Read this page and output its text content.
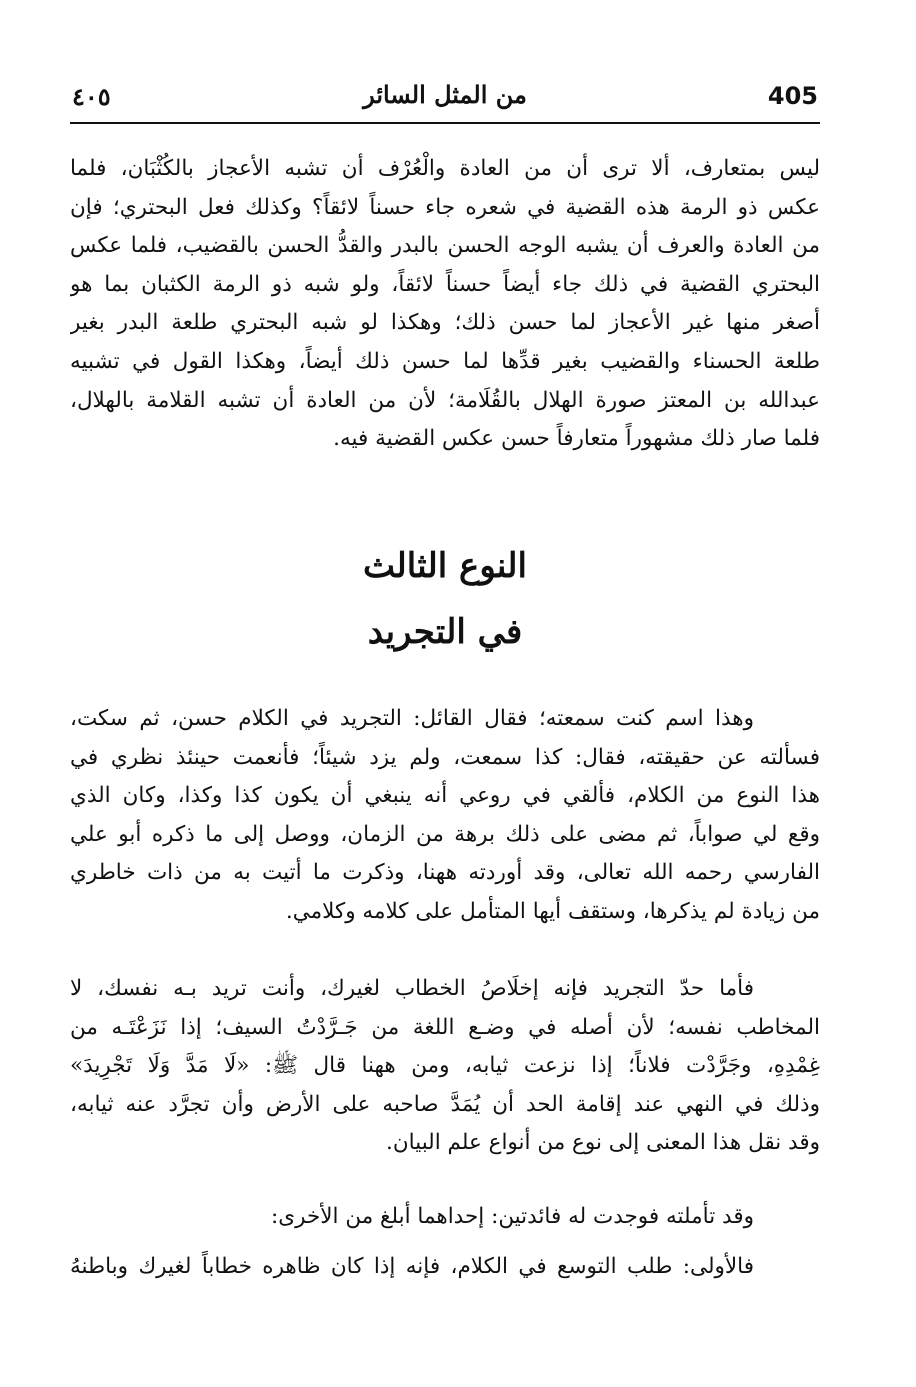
٤٠٥	من المثل السائر	405
ليس بمتعارف، ألا ترى أن من العادة والْعُرْف أن تشبه الأعجاز بالكُثْبَان، فلما
عكس ذو الرمة هذه القضية في شعره جاء حسناً لائقاً؟ وكذلك فعل البحتري؛ فإن
من العادة والعرف أن يشبه الوجه الحسن بالبدر والقدُّ الحسن بالقضيب، فلما عكس
البحتري القضية في ذلك جاء أيضاً حسناً لائقاً، ولو شبه ذو الرمة الكثبان بما هو
أصغر منها غير الأعجاز لما حسن ذلك؛ وهكذا لو شبه البحتري طلعة البدر بغير
طلعة الحسناء والقضيب بغير قدِّها لما حسن ذلك أيضاً، وهكذا القول في تشبيه
عبدالله بن المعتز صورة الهلال بالقُلَامة؛ لأن من العادة أن تشبه القلامة بالهلال،
فلما صار ذلك مشهوراً متعارفاً حسن عكس القضية فيه.
النوع الثالث
في التجريد
وهذا اسم كنت سمعته؛ فقال القائل: التجريد في الكلام حسن، ثم سكت،
فسألته عن حقيقته، فقال: كذا سمعت، ولم يزد شيئاً؛ فأنعمت حينئذ نظري في
هذا النوع من الكلام، فألقي في روعي أنه ينبغي أن يكون كذا وكذا، وكان الذي
وقع لي صواباً، ثم مضى على ذلك برهة من الزمان، ووصل إلى ما ذكره أبو علي
الفارسي رحمه الله تعالى، وقد أوردته ههنا، وذكرت ما أتيت به من ذات خاطري
من زيادة لم يذكرها، وستقف أيها المتأمل على كلامه وكلامي.
فأما حدّ التجريد فإنه إخلَاصُ الخطاب لغيرك، وأنت تريد بـه نفسك، لا
المخاطب نفسه؛ لأن أصله في وضـع اللغة من جَـرَّدْتُ السيف؛ إذا نَزَعْتَـه من
غِمْدِهِ، وجَرَّدْت فلاناً؛ إذا نزعت ثيابه، ومن ههنا قال ﷺ: «لَا مَدَّ وَلَا تَجْرِيدَ»
وذلك في النهي عند إقامة الحد أن يُمَدَّ صاحبه على الأرض وأن تجرَّد عنه ثيابه،
وقد نقل هذا المعنى إلى نوع من أنواع علم البيان.
وقد تأملته فوجدت له فائدتين: إحداهما أبلغ من الأخرى:
فالأولى: طلب التوسع في الكلام، فإنه إذا كان ظاهره خطاباً لغيرك وباطنهُ
